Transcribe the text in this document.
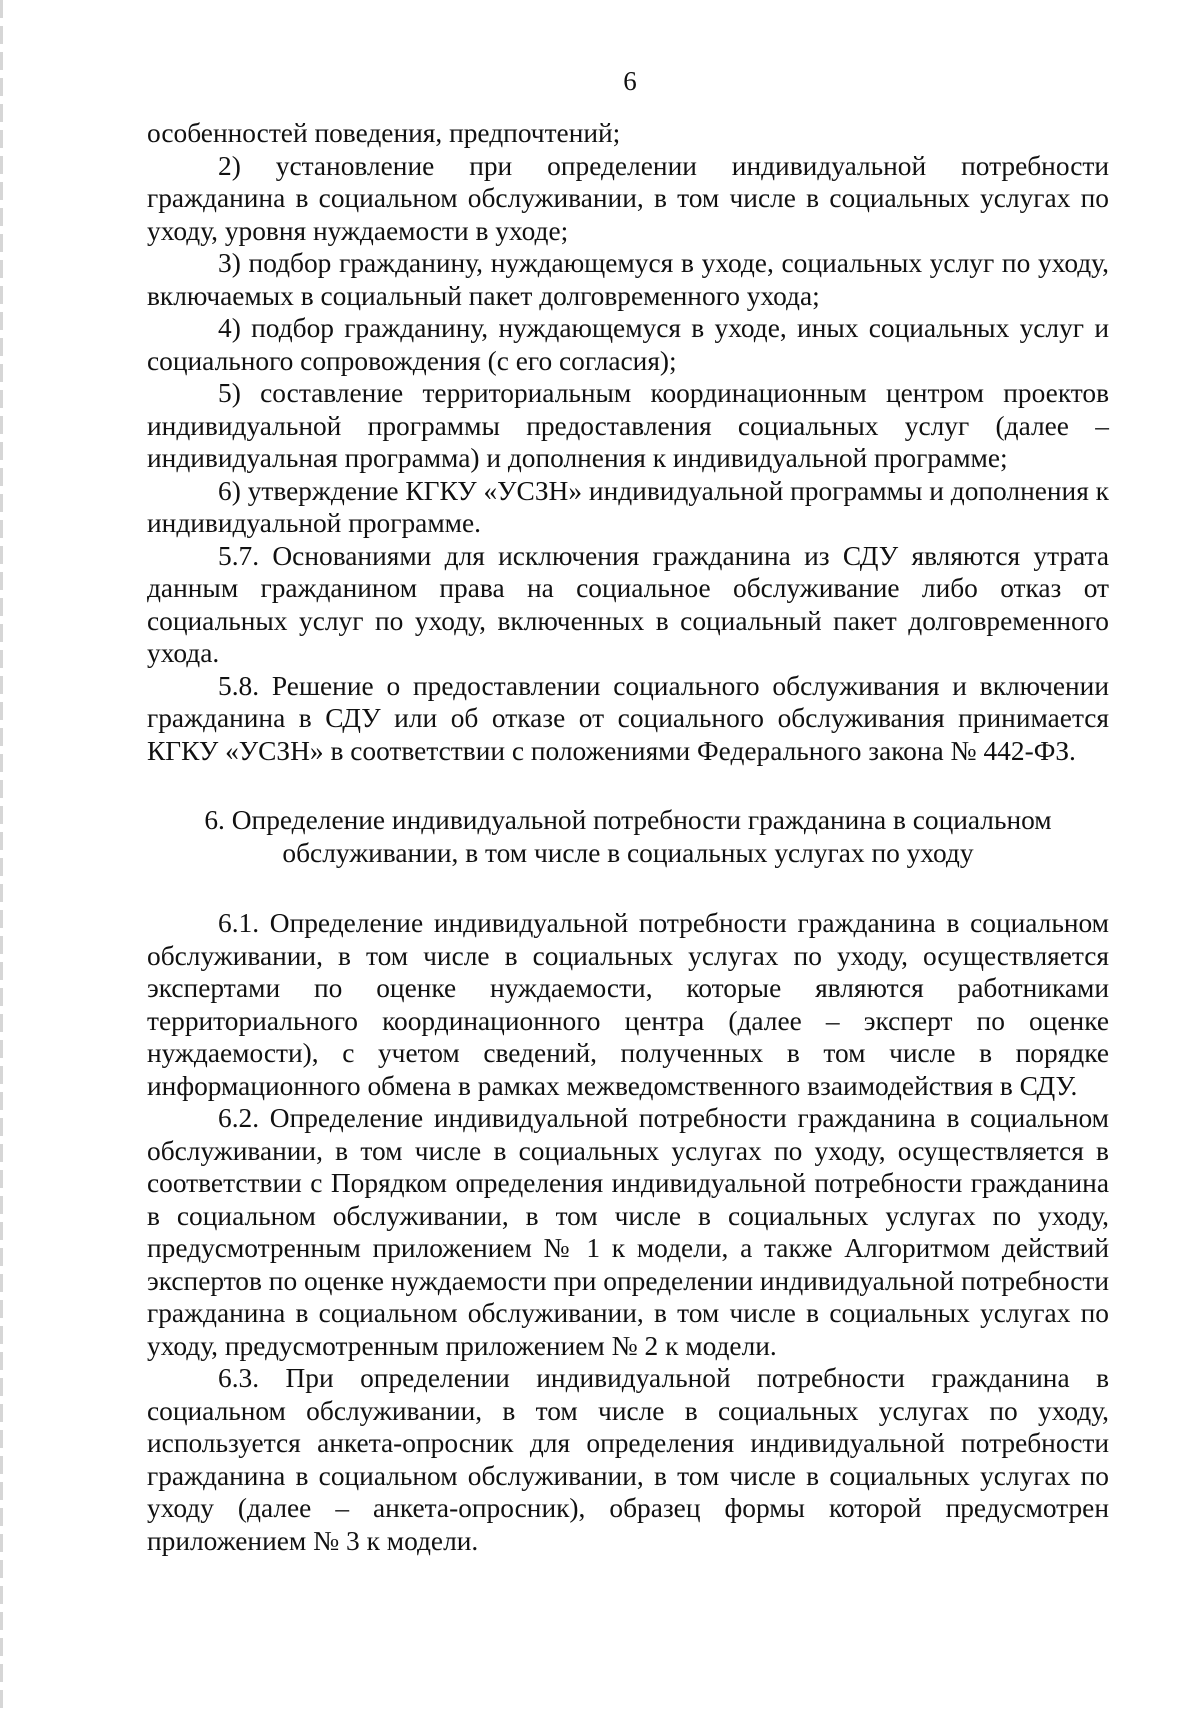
6

особенностей поведения, предпочтений;

2) установление при определении индивидуальной потребности гражданина в социальном обслуживании, в том числе в социальных услугах по уходу, уровня нуждаемости в уходе;

3) подбор гражданину, нуждающемуся в уходе, социальных услуг по уходу, включаемых в социальный пакет долговременного ухода;

4) подбор гражданину, нуждающемуся в уходе, иных социальных услуг и социального сопровождения (с его согласия);

5) составление территориальным координационным центром проектов индивидуальной программы предоставления социальных услуг (далее – индивидуальная программа) и дополнения к индивидуальной программе;

6) утверждение КГКУ «УСЗН» индивидуальной программы и дополнения к индивидуальной программе.

5.7. Основаниями для исключения гражданина из СДУ являются утрата данным гражданином права на социальное обслуживание либо отказ от социальных услуг по уходу, включенных в социальный пакет долговременного ухода.

5.8. Решение о предоставлении социального обслуживания и включении гражданина в СДУ или об отказе от социального обслуживания принимается КГКУ «УСЗН» в соответствии с положениями Федерального закона № 442-ФЗ.

6. Определение индивидуальной потребности гражданина в социальном обслуживании, в том числе в социальных услугах по уходу

6.1. Определение индивидуальной потребности гражданина в социальном обслуживании, в том числе в социальных услугах по уходу, осуществляется экспертами по оценке нуждаемости, которые являются работниками территориального координационного центра (далее – эксперт по оценке нуждаемости), с учетом сведений, полученных в том числе в порядке информационного обмена в рамках межведомственного взаимодействия в СДУ.

6.2. Определение индивидуальной потребности гражданина в социальном обслуживании, в том числе в социальных услугах по уходу, осуществляется в соответствии с Порядком определения индивидуальной потребности гражданина в социальном обслуживании, в том числе в социальных услугах по уходу, предусмотренным приложением № 1 к модели, а также Алгоритмом действий экспертов по оценке нуждаемости при определении индивидуальной потребности гражданина в социальном обслуживании, в том числе в социальных услугах по уходу, предусмотренным приложением № 2 к модели.

6.3. При определении индивидуальной потребности гражданина в социальном обслуживании, в том числе в социальных услугах по уходу, используется анкета-опросник для определения индивидуальной потребности гражданина в социальном обслуживании, в том числе в социальных услугах по уходу (далее – анкета-опросник), образец формы которой предусмотрен приложением № 3 к модели.
